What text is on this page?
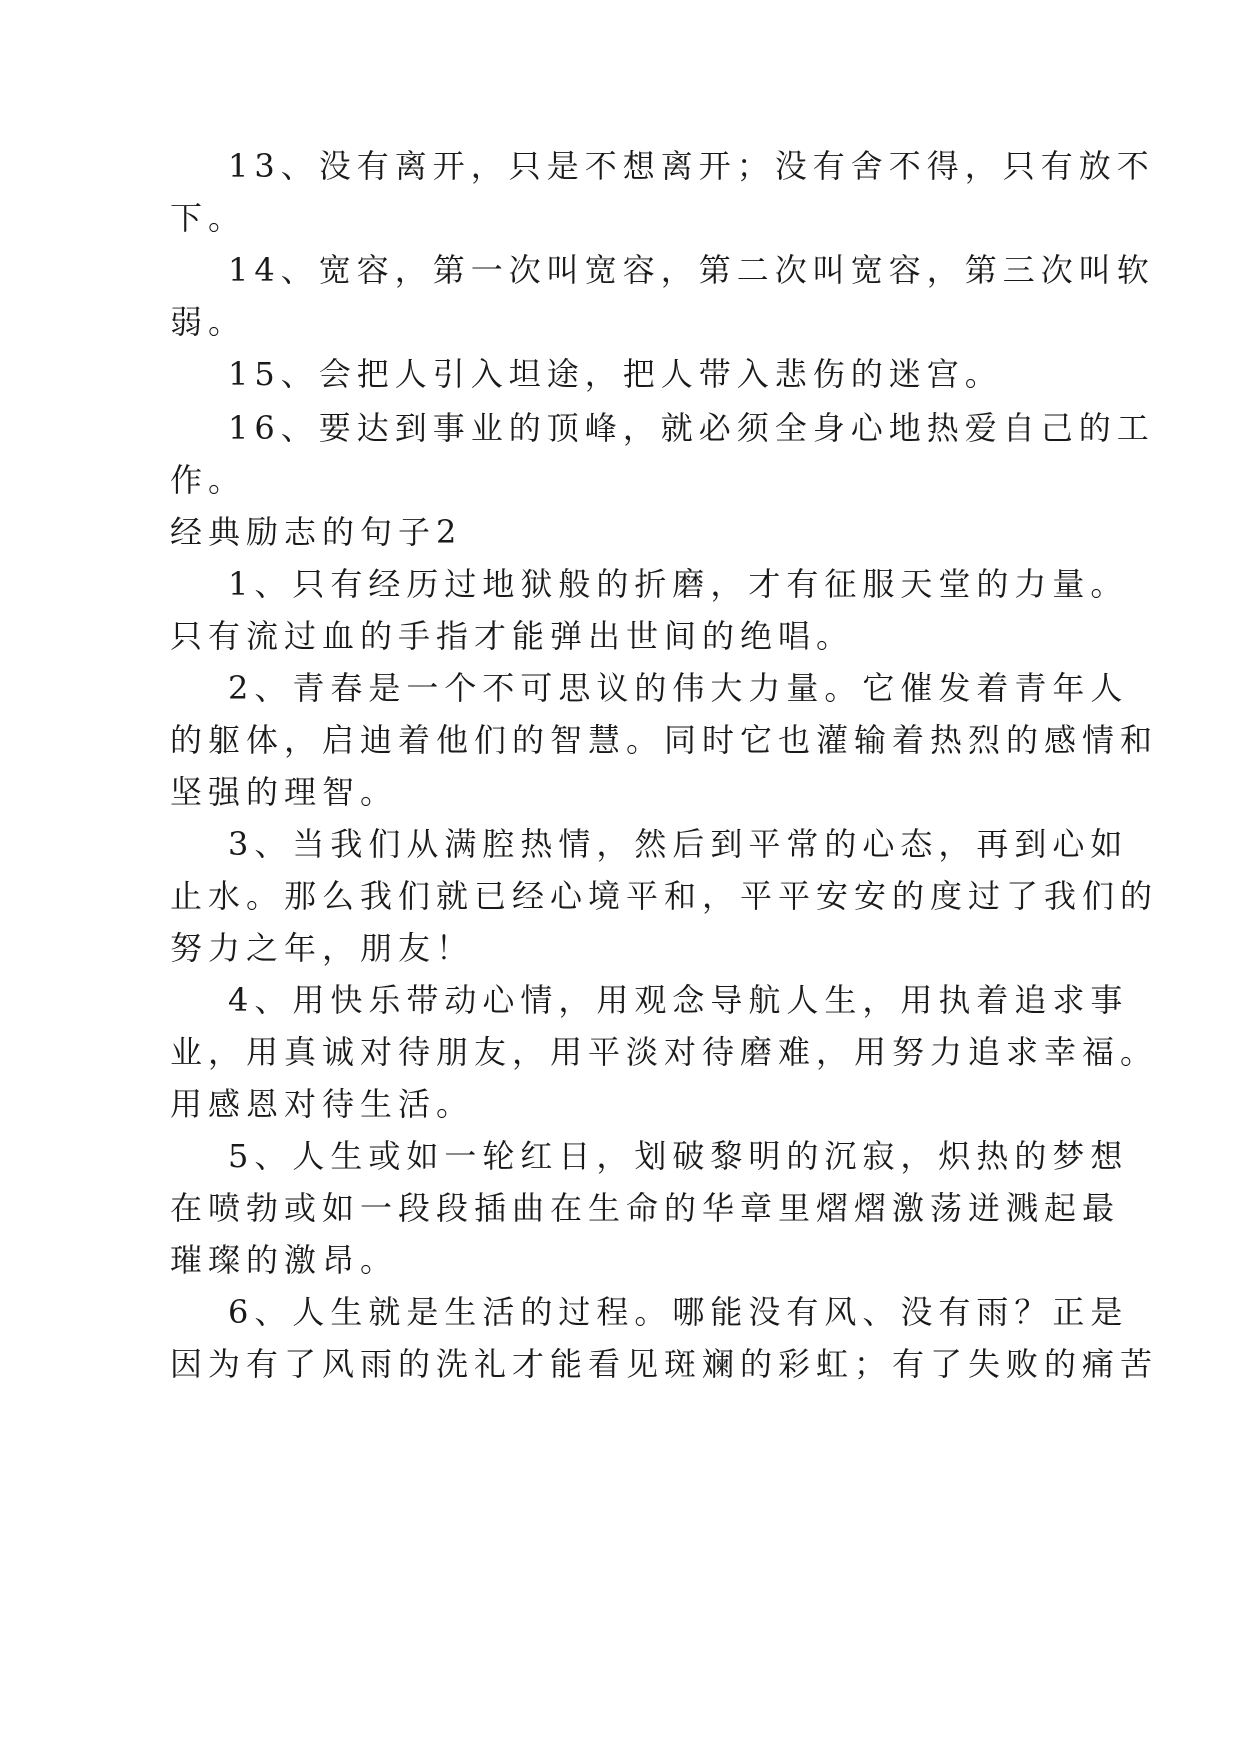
13、没有离开，只是不想离开；没有舍不得，只有放不
下。
14、宽容，第一次叫宽容，第二次叫宽容，第三次叫软
弱。
15、会把人引入坦途，把人带入悲伤的迷宫。
16、要达到事业的顶峰，就必须全身心地热爱自己的工
作。
经典励志的句子2
1、只有经历过地狱般的折磨，才有征服天堂的力量。
只有流过血的手指才能弹出世间的绝唱。
2、青春是一个不可思议的伟大力量。它催发着青年人
的躯体，启迪着他们的智慧。同时它也灌输着热烈的感情和
坚强的理智。
3、当我们从满腔热情，然后到平常的心态，再到心如
止水。那么我们就已经心境平和，平平安安的度过了我们的
努力之年，朋友！
4、用快乐带动心情，用观念导航人生，用执着追求事
业，用真诚对待朋友，用平淡对待磨难，用努力追求幸福。
用感恩对待生活。
5、人生或如一轮红日，划破黎明的沉寂，炽热的梦想
在喷勃或如一段段插曲在生命的华章里熠熠激荡迸溅起最
璀璨的激昂。
6、人生就是生活的过程。哪能没有风、没有雨？正是
因为有了风雨的洗礼才能看见斑斓的彩虹；有了失败的痛苦
